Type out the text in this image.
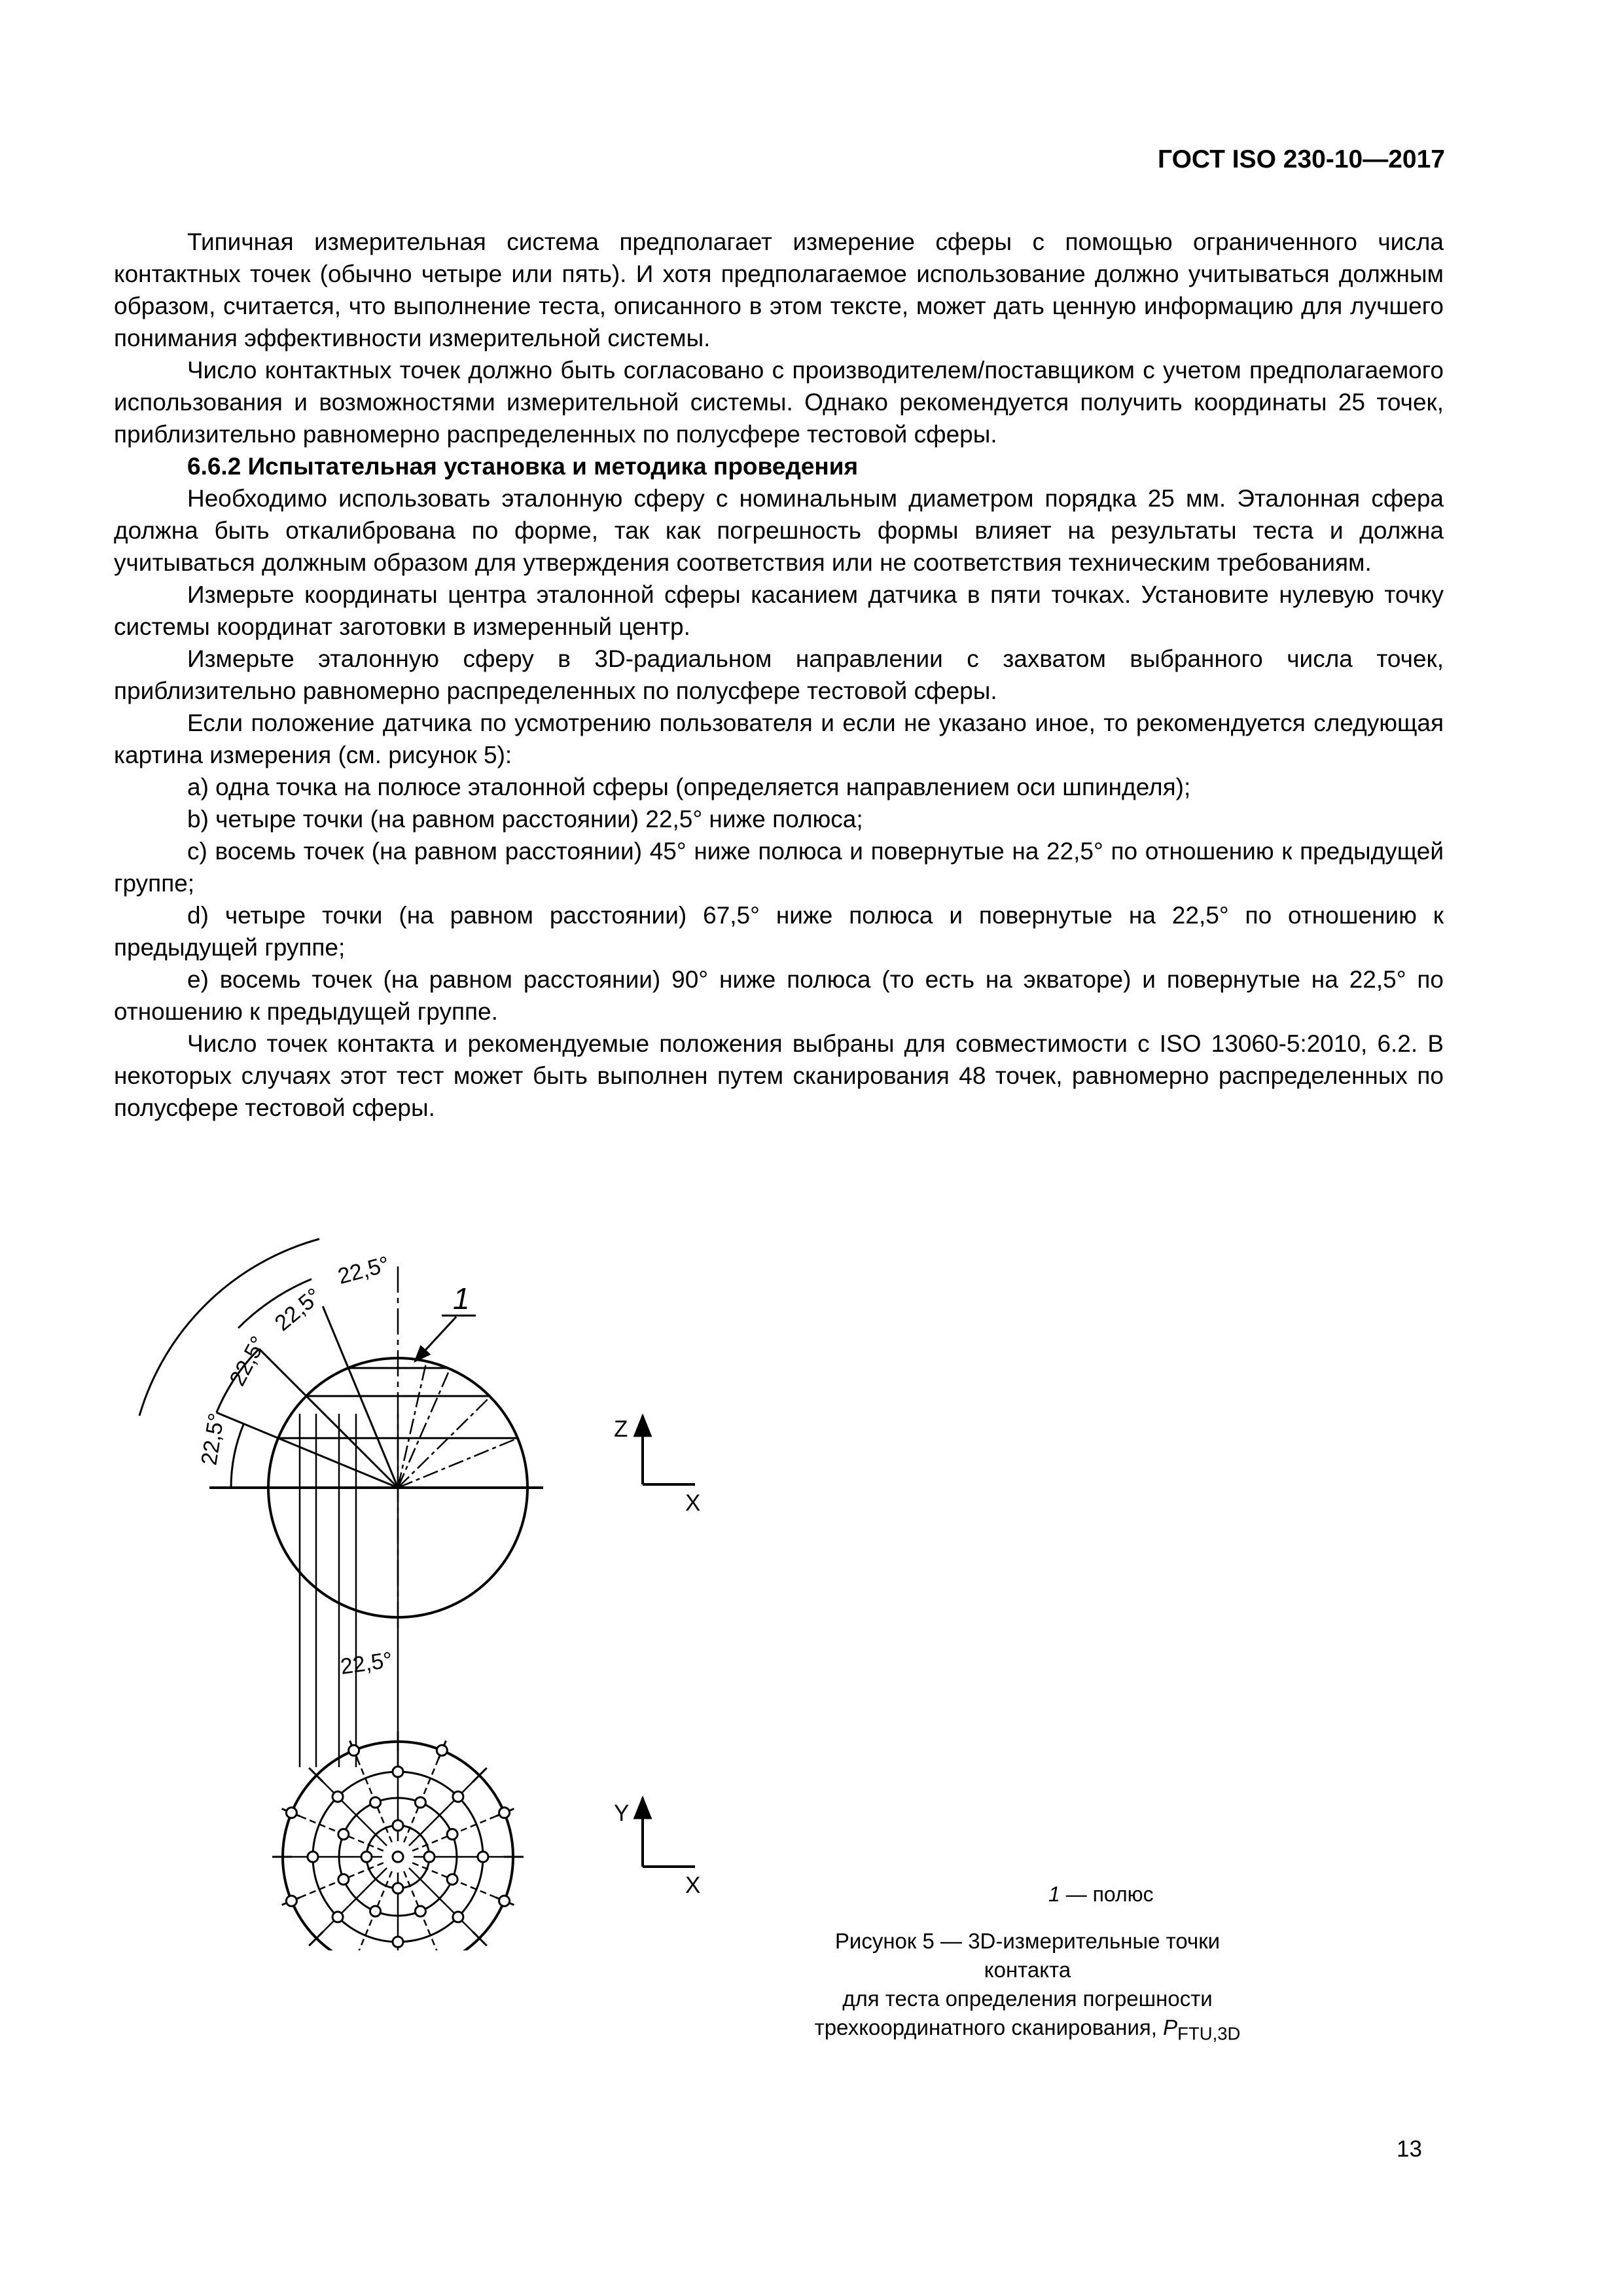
ГОСТ ISO 230-10—2017

Типичная измерительная система предполагает измерение сферы с помощью ограниченного числа контактных точек (обычно четыре или пять). И хотя предполагаемое использование должно учитываться должным образом, считается, что выполнение теста, описанного в этом тексте, может дать ценную информацию для лучшего понимания эффективности измерительной системы.

Число контактных точек должно быть согласовано с производителем/поставщиком с учетом предполагаемого использования и возможностями измерительной системы. Однако рекомендуется получить координаты 25 точек, приблизительно равномерно распределенных по полусфере тестовой сферы.

6.6.2 Испытательная установка и методика проведения

Необходимо использовать эталонную сферу с номинальным диаметром порядка 25 мм. Эталонная сфера должна быть откалибрована по форме, так как погрешность формы влияет на результаты теста и должна учитываться должным образом для утверждения соответствия или не соответствия техническим требованиям.

Измерьте координаты центра эталонной сферы касанием датчика в пяти точках. Установите нулевую точку системы координат заготовки в измеренный центр.

Измерьте эталонную сферу в 3D-радиальном направлении с захватом выбранного числа точек, приблизительно равномерно распределенных по полусфере тестовой сферы.

Если положение датчика по усмотрению пользователя и если не указано иное, то рекомендуется следующая картина измерения (см. рисунок 5):

a) одна точка на полюсе эталонной сферы (определяется направлением оси шпинделя);

b) четыре точки (на равном расстоянии) 22,5° ниже полюса;

c) восемь точек (на равном расстоянии) 45° ниже полюса и повернутые на 22,5° по отношению к предыдущей группе;

d) четыре точки (на равном расстоянии) 67,5° ниже полюса и повернутые на 22,5° по отношению к предыдущей группе;

e) восемь точек (на равном расстоянии) 90° ниже полюса (то есть на экваторе) и повернутые на 22,5° по отношению к предыдущей группе.

Число точек контакта и рекомендуемые положения выбраны для совместимости с ISO 13060-5:2010, 6.2. В некоторых случаях этот тест может быть выполнен путем сканирования 48 точек, равномерно распределенных по полусфере тестовой сферы.

1
22,5°
22,5°
22,5°
22,5°
22,5°
Z
X
Y
X	1 — полюс
Рисунок 5 — 3D-измерительные точки контакта
для теста определения погрешности
трехкоординатного сканирования, $P_{FTU,3D}$
13
